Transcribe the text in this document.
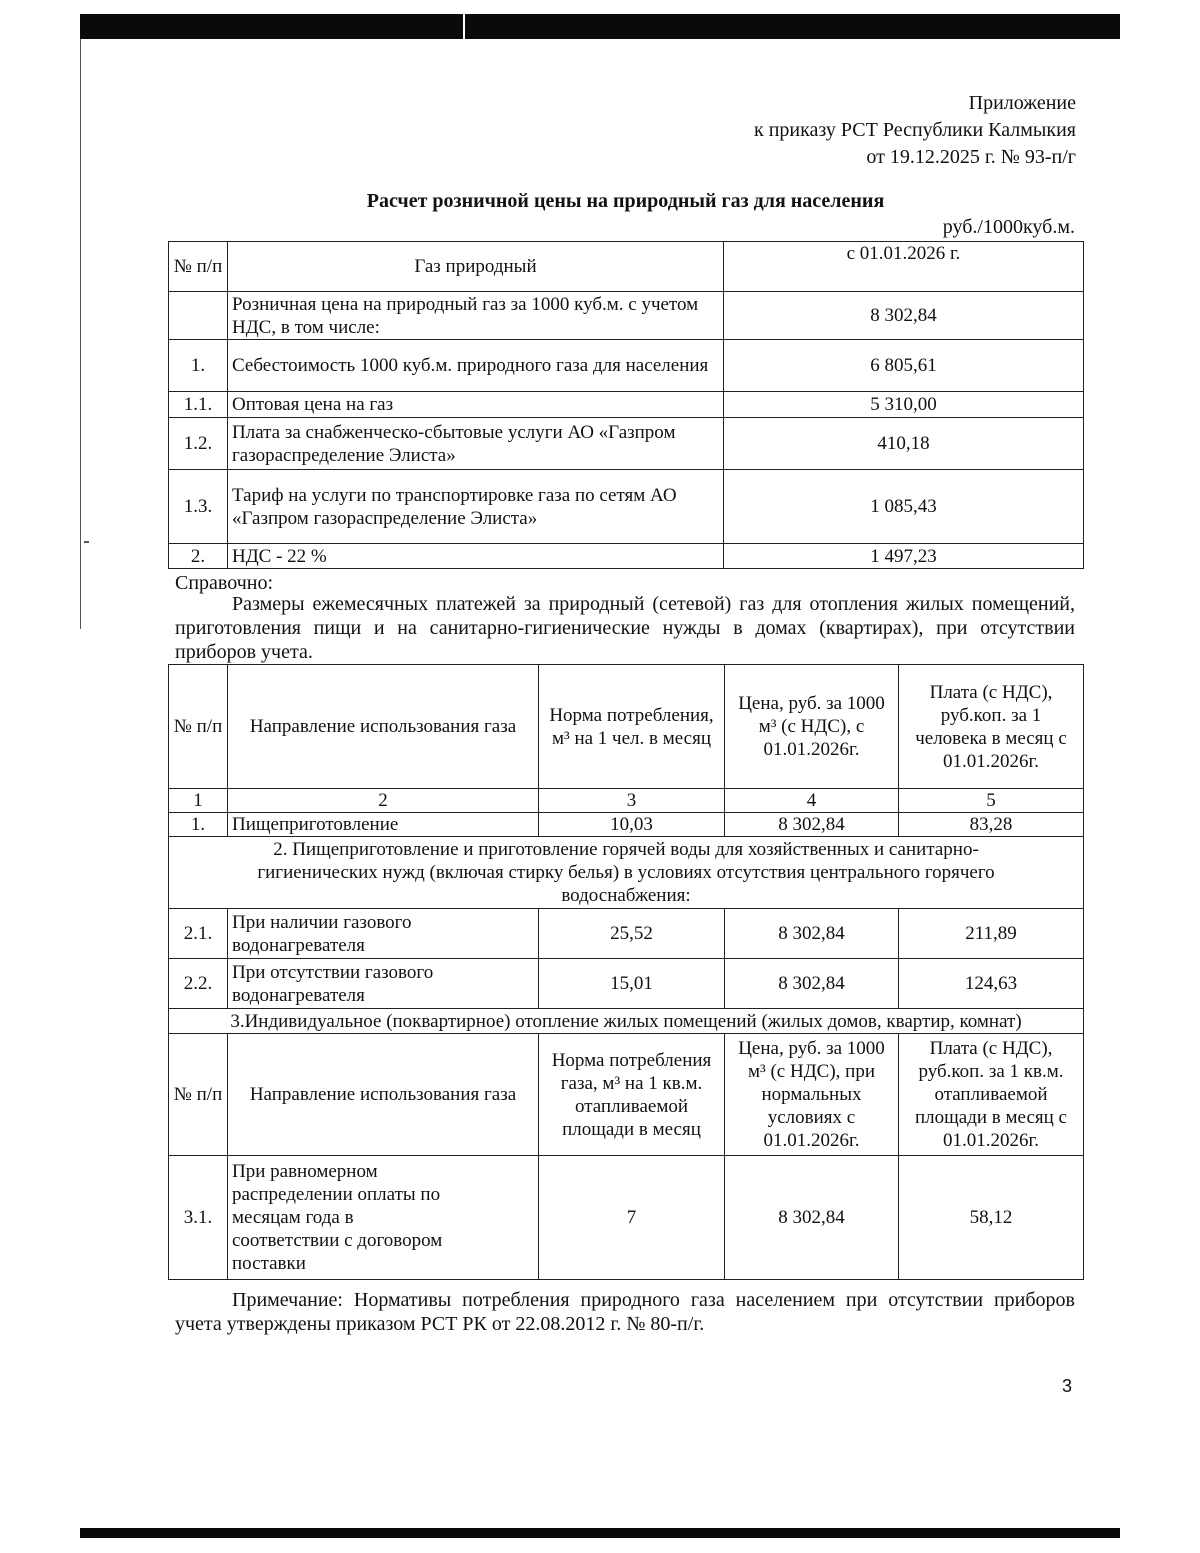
Приложение
к приказу РСТ Республики Калмыкия
от 19.12.2025 г. № 93-п/г
Расчет розничной цены на природный газ для населения
руб./1000куб.м.
№ п/п	Газ природный	с 01.01.2026 г.
	Розничная цена на природный газ за 1000 куб.м. с учетом НДС, в том числе:	8 302,84
1.	Себестоимость 1000 куб.м. природного газа для населения	6 805,61
1.1.	Оптовая цена на газ	5 310,00
1.2.	Плата за снабженческо-сбытовые услуги АО «Газпром газораспределение Элиста»	410,18
1.3.	Тариф на услуги по транспортировке газа по сетям АО «Газпром газораспределение Элиста»	1 085,43
2.	НДС - 22 %	1 497,23
Справочно:
Размеры ежемесячных платежей за природный (сетевой) газ для отопления жилых помещений, приготовления пищи и на санитарно-гигиенические нужды в домах (квартирах), при отсутствии приборов учета.
№ п/п	Направление использования газа	Норма потребления, м³ на 1 чел. в месяц	Цена, руб. за 1000 м³ (с НДС), с 01.01.2026г.	Плата (с НДС), руб.коп. за 1 человека в месяц с 01.01.2026г.
1	2	3	4	5
1.	Пищеприготовление	10,03	8 302,84	83,28
2. Пищеприготовление и приготовление горячей воды для хозяйственных и санитарно-гигиенических нужд (включая стирку белья) в условиях отсутствия центрального горячего водоснабжения:				
2.1.	При наличии газового водонагревателя	25,52	8 302,84	211,89
2.2.	При отсутствии газового водонагревателя	15,01	8 302,84	124,63
3.Индивидуальное (поквартирное) отопление жилых помещений (жилых домов, квартир, комнат)				
№ п/п	Направление использования газа	Норма потребления газа, м³ на 1 кв.м. отапливаемой площади в месяц	Цена, руб. за 1000 м³ (с НДС), при нормальных условиях с 01.01.2026г.	Плата (с НДС), руб.коп. за 1 кв.м. отапливаемой площади в месяц с 01.01.2026г.
3.1.	При равномерном распределении оплаты по месяцам года в соответствии с договором поставки	7	8 302,84	58,12
Примечание: Нормативы потребления природного газа населением при отсутствии приборов учета утверждены приказом РСТ РК от 22.08.2012 г. № 80-п/г.
3
